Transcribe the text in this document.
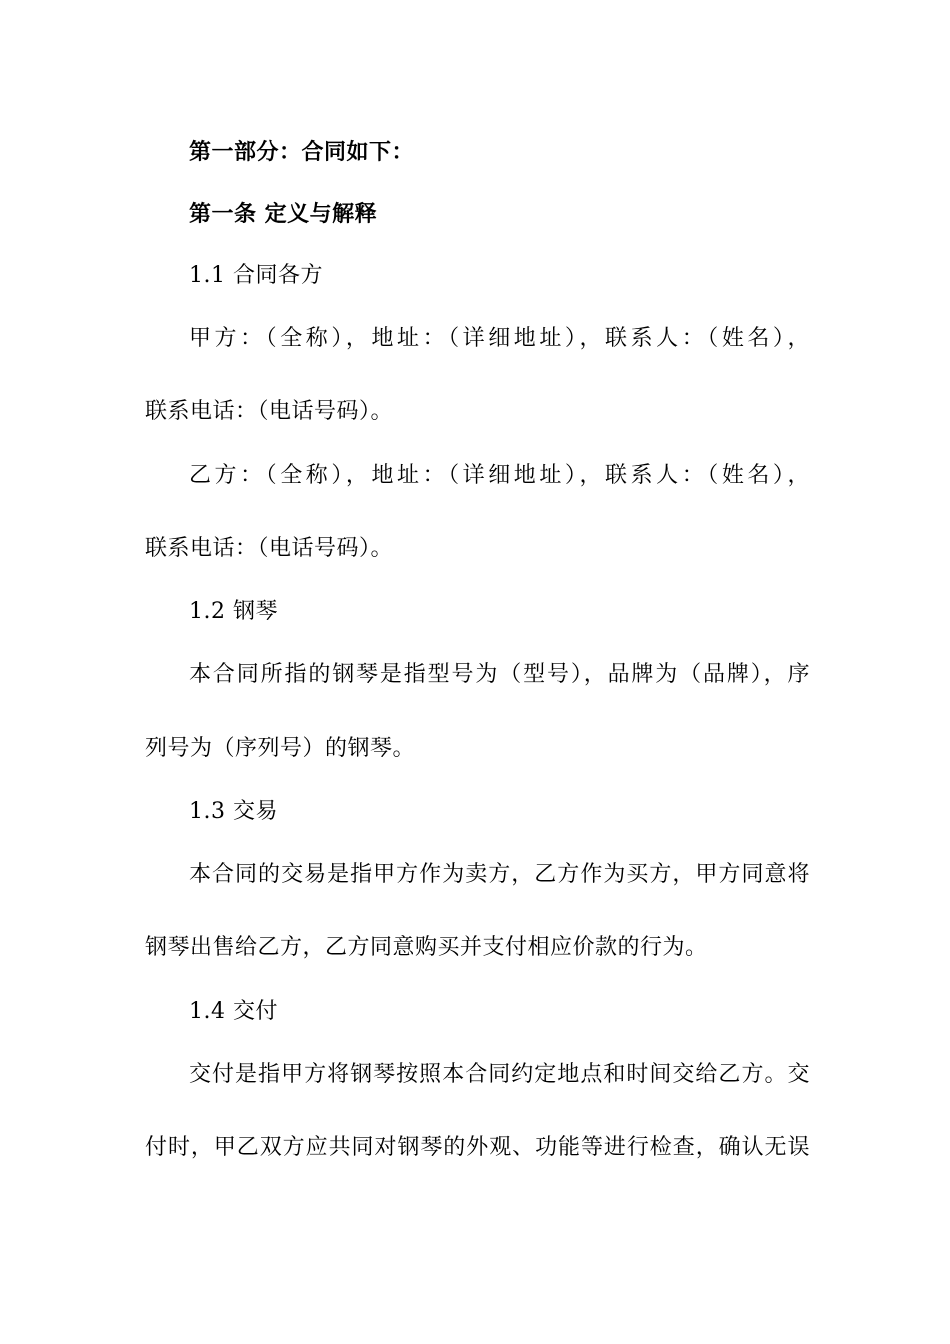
第一部分：合同如下：
第一条 定义与解释
1.1 合同各方
甲方：（全称），地址：（详细地址），联系人：（姓名），
联系电话：（电话号码）。
乙方：（全称），地址：（详细地址），联系人：（姓名），
联系电话：（电话号码）。
1.2 钢琴
本合同所指的钢琴是指型号为（型号），品牌为（品牌），序
列号为（序列号）的钢琴。
1.3 交易
本合同的交易是指甲方作为卖方，乙方作为买方，甲方同意将
钢琴出售给乙方，乙方同意购买并支付相应价款的行为。
1.4 交付
交付是指甲方将钢琴按照本合同约定地点和时间交给乙方。交
付时，甲乙双方应共同对钢琴的外观、功能等进行检查，确认无误
